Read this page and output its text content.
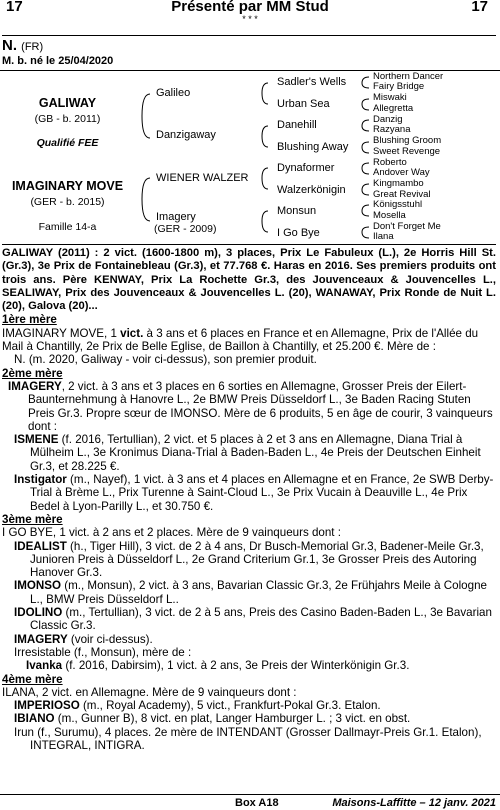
17	Présenté par MM Stud	17
* * *
N. (FR)
M. b. né le 25/04/2020
GALIWAY
(GB - b. 2011)
Qualifié FEE
IMAGINARY MOVE
(GER - b. 2015)
Famille 14-a
Galileo
Danzigaway
WIENER WALZER
Imagery
(GER - 2009)
Sadler's Wells
Urban Sea
Danehill
Blushing Away
Dynaformer
Walzerkönigin
Monsun
I Go Bye
Northern Dancer
Fairy Bridge
Miswaki
Allegretta
Danzig
Razyana
Blushing Groom
Sweet Revenge
Roberto
Andover Way
Kingmambo
Great Revival
Königsstuhl
Mosella
Don't Forget Me
Ilana

GALIWAY (2011) : 2 vict. (1600-1800 m), 3 places, Prix Le Fabuleux (L.), 2e Horris Hill St. (Gr.3), 3e Prix de Fontainebleau (Gr.3), et 77.768 €. Haras en 2016. Ses premiers produits ont trois ans. Père KENWAY, Prix La Rochette Gr.3, des Jouvenceaux & Jouvencelles L., SEALIWAY, Prix des Jouvenceaux & Jouvencelles L. (20), WANAWAY, Prix Ronde de Nuit L. (20), Galova (20)...

1ère mère

IMAGINARY MOVE, 1 vict. à 3 ans et 6 places en France et en Allemagne, Prix de l'Allée du Mail à Chantilly, 2e Prix de Belle Eglise, de Baillon à Chantilly, et 25.200 €. Mère de :

N. (m. 2020, Galiway - voir ci-dessus), son premier produit.

2ème mère

IMAGERY, 2 vict. à 3 ans et 3 places en 6 sorties en Allemagne, Grosser Preis der Eilert-Baunternehmung à Hanovre L., 2e BMW Preis Düsseldorf L., 3e Baden Racing Stuten Preis Gr.3. Propre sœur de IMONSO. Mère de 6 produits, 5 en âge de courir, 3 vainqueurs dont :

ISMENE (f. 2016, Tertullian), 2 vict. et 5 places à 2 et 3 ans en Allemagne, Diana Trial à Mülheim L., 3e Kronimus Diana-Trial à Baden-Baden L., 4e Preis der Deutschen Einheit Gr.3, et 28.225 €.

Instigator (m., Nayef), 1 vict. à 3 ans et 4 places en Allemagne et en France, 2e SWB Derby-Trial à Brème L., Prix Turenne à Saint-Cloud L., 3e Prix Vucain à Deauville L., 4e Prix Bedel à Lyon-Parilly L., et 30.750 €.

3ème mère

I GO BYE, 1 vict. à 2 ans et 2 places. Mère de 9 vainqueurs dont :

IDEALIST (h., Tiger Hill), 3 vict. de 2 à 4 ans, Dr Busch-Memorial Gr.3, Badener-Meile Gr.3, Junioren Preis à Düsseldorf L., 2e Grand Criterium Gr.1, 3e Grosser Preis des Autoring Hanover Gr.3.

IMONSO (m., Monsun), 2 vict. à 3 ans, Bavarian Classic Gr.3, 2e Frühjahrs Meile à Cologne L., BMW Preis Düsseldorf L..

IDOLINO (m., Tertullian), 3 vict. de 2 à 5 ans, Preis des Casino Baden-Baden L., 3e Bavarian Classic Gr.3.

IMAGERY (voir ci-dessus).

Irresistable (f., Monsun), mère de :

Ivanka (f. 2016, Dabirsim), 1 vict. à 2 ans, 3e Preis der Winterkönigin Gr.3.

4ème mère

ILANA, 2 vict. en Allemagne. Mère de 9 vainqueurs dont :

IMPERIOSO (m., Royal Academy), 5 vict., Frankfurt-Pokal Gr.3. Etalon.

IBIANO (m., Gunner B), 8 vict. en plat, Langer Hamburger L. ; 3 vict. en obst.

Irun (f., Surumu), 4 places. 2e mère de INTENDANT (Grosser Dallmayr-Preis Gr.1. Etalon), INTEGRAL, INTIGRA.

Box A18	Maisons-Laffitte – 12 janv. 2021
